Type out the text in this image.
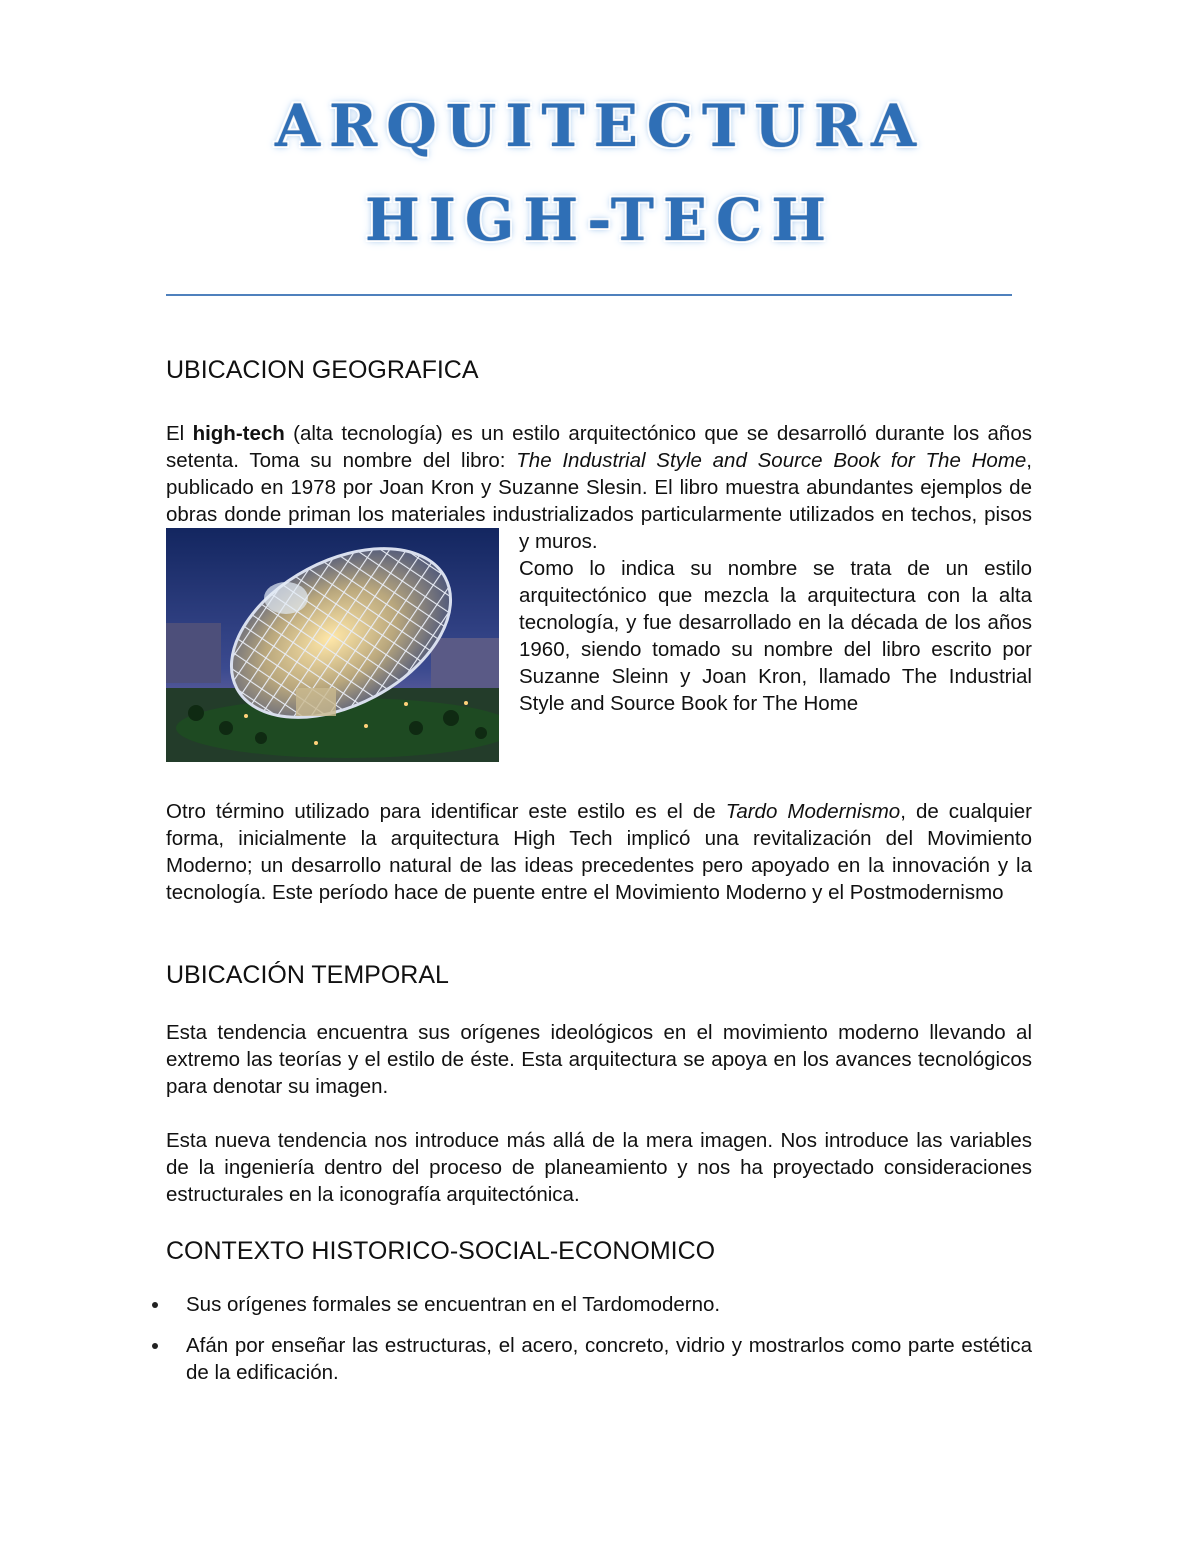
ARQUITECTURA
HIGH-TECH
UBICACION GEOGRAFICA

El high-tech (alta tecnología) es un estilo arquitectónico que se desarrolló durante los años setenta. Toma su nombre del libro: The Industrial Style and Source Book for The Home, publicado en 1978 por Joan Kron y Suzanne Slesin. El libro muestra abundantes ejemplos de obras donde priman los materiales industrializados particularmente utilizados en techos, pisos y muros.
Como lo indica su nombre se trata de un estilo arquitectónico que mezcla la arquitectura con la alta tecnología, y fue desarrollado en la década de los años 1960, siendo tomado su nombre del libro escrito por Suzanne Sleinn y Joan Kron, llamado The Industrial Style and Source Book for The Home

Otro término utilizado para identificar este estilo es el de Tardo Modernismo, de cualquier forma, inicialmente la arquitectura High Tech implicó una revitalización del Movimiento Moderno; un desarrollo natural de las ideas precedentes pero apoyado en la innovación y la tecnología. Este período hace de puente entre el Movimiento Moderno y el Postmodernismo

UBICACIÓN TEMPORAL

Esta tendencia encuentra sus orígenes ideológicos en el movimiento moderno llevando al extremo las teorías y el estilo de éste. Esta arquitectura se apoya en los avances tecnológicos para denotar su imagen.

Esta nueva tendencia nos introduce más allá de la mera imagen. Nos introduce las variables de la ingeniería dentro del proceso de planeamiento y nos ha proyectado consideraciones estructurales en la iconografía arquitectónica.

CONTEXTO HISTORICO-SOCIAL-ECONOMICO
Sus orígenes formales se encuentran en el Tardomoderno.
Afán por enseñar las estructuras, el acero, concreto, vidrio y mostrarlos como parte estética de la edificación.
